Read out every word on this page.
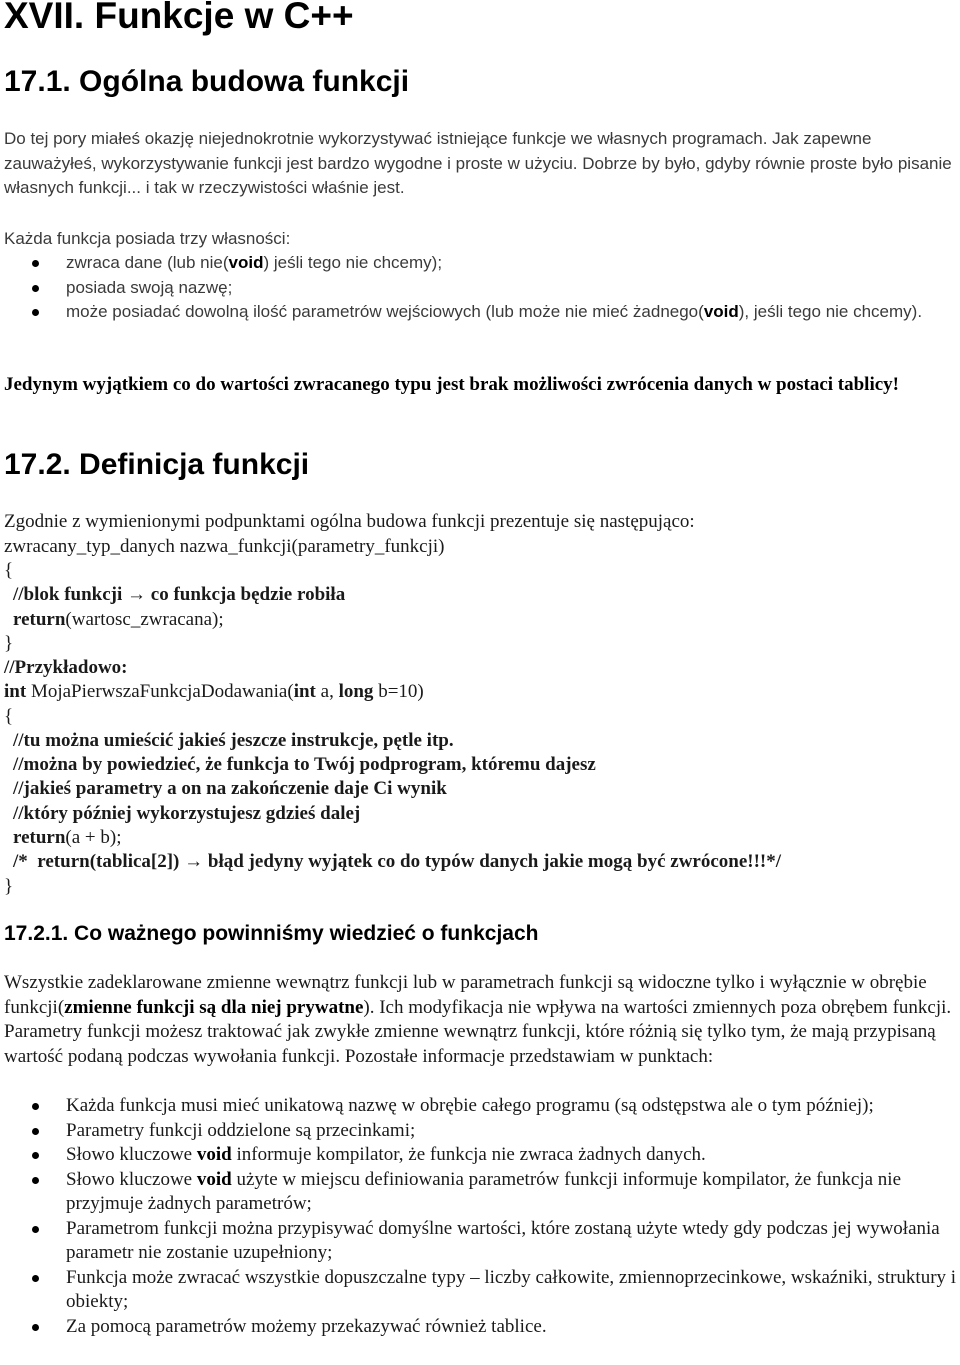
XVII. Funkcje w C++
17.1. Ogólna budowa funkcji

Do tej pory miałeś okazję niejednokrotnie wykorzystywać istniejące funkcje we własnych programach. Jak zapewne zauważyłeś, wykorzystywanie funkcji jest bardzo wygodne i proste w użyciu. Dobrze by było, gdyby równie proste było pisanie własnych funkcji... i tak w rzeczywistości właśnie jest.

Każda funkcja posiada trzy własności:

zwraca dane (lub nie(void) jeśli tego nie chcemy);
posiada swoją nazwę;
może posiadać dowolną ilość parametrów wejściowych (lub może nie mieć żadnego(void), jeśli tego nie chcemy).

Jedynym wyjątkiem co do wartości zwracanego typu jest brak możliwości zwrócenia danych w postaci tablicy!

17.2. Definicja funkcji

Zgodnie z wymienionymi podpunktami ogólna budowa funkcji prezentuje się następująco:

zwracany_typ_danych nazwa_funkcji(parametry_funkcji)
{
//blok funkcji → co funkcja będzie robiła
return(wartosc_zwracana);
}
//Przykładowo:
int MojaPierwszaFunkcjaDodawania(int a, long b=10)
{
//tu można umieścić jakieś jeszcze instrukcje, pętle itp.
//można by powiedzieć, że funkcja to Twój podprogram, któremu dajesz
//jakieś parametry a on na zakończenie daje Ci wynik
//który później wykorzystujesz gdzieś dalej
return(a + b);
/*  return(tablica[2]) → błąd jedyny wyjątek co do typów danych jakie mogą być zwrócone!!!*/
}
17.2.1. Co ważnego powinniśmy wiedzieć o funkcjach

Wszystkie zadeklarowane zmienne wewnątrz funkcji lub w parametrach funkcji są widoczne tylko i wyłącznie w obrębie funkcji(zmienne funkcji są dla niej prywatne). Ich modyfikacja nie wpływa na wartości zmiennych poza obrębem funkcji. Parametry funkcji możesz traktować jak zwykłe zmienne wewnątrz funkcji, które różnią się tylko tym, że mają przypisaną wartość podaną podczas wywołania funkcji. Pozostałe informacje przedstawiam w punktach:

Każda funkcja musi mieć unikatową nazwę w obrębie całego programu (są odstępstwa ale o tym później);
Parametry funkcji oddzielone są przecinkami;
Słowo kluczowe void informuje kompilator, że funkcja nie zwraca żadnych danych.
Słowo kluczowe void użyte w miejscu definiowania parametrów funkcji informuje kompilator, że funkcja nie przyjmuje żadnych parametrów;
Parametrom funkcji można przypisywać domyślne wartości, które zostaną użyte wtedy gdy podczas jej wywołania parametr nie zostanie uzupełniony;
Funkcja może zwracać wszystkie dopuszczalne typy – liczby całkowite, zmiennoprzecinkowe, wskaźniki, struktury i obiekty;
Za pomocą parametrów możemy przekazywać również tablice.
